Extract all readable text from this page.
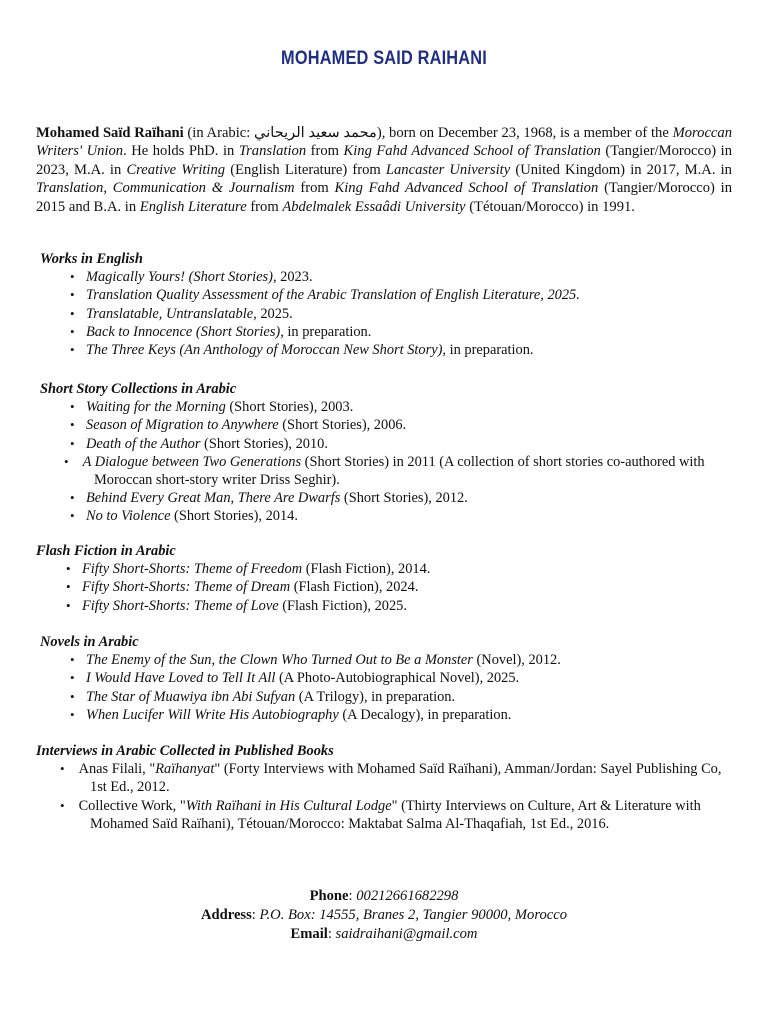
MOHAMED SAID RAIHANI

Mohamed Saïd Raïhani (in Arabic: محمد سعيد الريحاني), born on December 23, 1968, is a member of the Moroccan Writers' Union. He holds PhD. in Translation from King Fahd Advanced School of Translation (Tangier/Morocco) in 2023, M.A. in Creative Writing (English Literature) from Lancaster University (United Kingdom) in 2017, M.A. in Translation, Communication & Journalism from King Fahd Advanced School of Translation (Tangier/Morocco) in 2015 and B.A. in English Literature from Abdelmalek Essaâdi University (Tétouan/Morocco) in 1991.

Works in English
• Magically Yours! (Short Stories), 2023.
• Translation Quality Assessment of the Arabic Translation of English Literature, 2025.
• Translatable, Untranslatable, 2025.
• Back to Innocence (Short Stories), in preparation.
• The Three Keys (An Anthology of Moroccan New Short Story), in preparation.
Short Story Collections in Arabic
• Waiting for the Morning (Short Stories), 2003.
• Season of Migration to Anywhere (Short Stories), 2006.
• Death of the Author (Short Stories), 2010.
• A Dialogue between Two Generations (Short Stories) in 2011 (A collection of short stories co-authored with Moroccan short-story writer Driss Seghir).
• Behind Every Great Man, There Are Dwarfs (Short Stories), 2012.
• No to Violence (Short Stories), 2014.
Flash Fiction in Arabic
• Fifty Short-Shorts: Theme of Freedom (Flash Fiction), 2014.
• Fifty Short-Shorts: Theme of Dream (Flash Fiction), 2024.
• Fifty Short-Shorts: Theme of Love (Flash Fiction), 2025.
Novels in Arabic
• The Enemy of the Sun, the Clown Who Turned Out to Be a Monster (Novel), 2012.
• I Would Have Loved to Tell It All (A Photo-Autobiographical Novel), 2025.
• The Star of Muawiya ibn Abi Sufyan (A Trilogy), in preparation.
• When Lucifer Will Write His Autobiography (A Decalogy), in preparation.
Interviews in Arabic Collected in Published Books
• Anas Filali, "Raïhanyat" (Forty Interviews with Mohamed Saïd Raïhani), Amman/Jordan: Sayel Publishing Co, 1st Ed., 2012.
• Collective Work, "With Raïhani in His Cultural Lodge" (Thirty Interviews on Culture, Art & Literature with Mohamed Saïd Raïhani), Tétouan/Morocco: Maktabat Salma Al-Thaqafiah, 1st Ed., 2016.
Phone: 00212661682298
Address: P.O. Box: 14555, Branes 2, Tangier 90000, Morocco
Email: saidraihani@gmail.com
